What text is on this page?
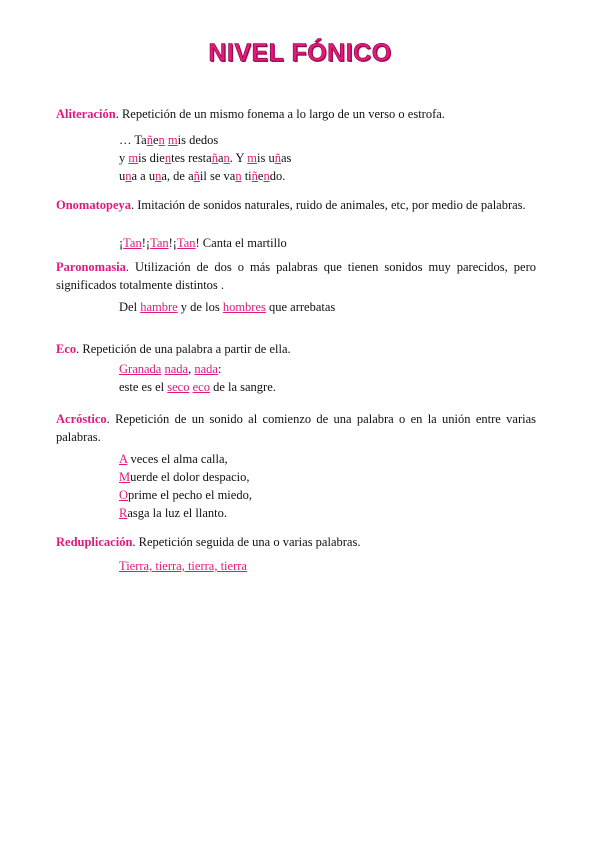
NIVEL FÓNICO
Aliteración. Repetición de un mismo fonema a lo largo de un verso o estrofa.
… Tañen mis dedos
y mis dientes restañan. Y mis uñas
una a una, de añil se van tiñendo.
Onomatopeya. Imitación de sonidos naturales, ruido de animales, etc, por medio de palabras.
¡Tan!¡Tan!¡Tan! Canta el martillo
Paronomasia. Utilización de dos o más palabras que tienen sonidos muy parecidos, pero significados totalmente distintos .
Del hambre y de los hombres que arrebatas
Eco. Repetición de una palabra a partir de ella.
Granada nada, nada:
este es el seco eco de la sangre.
Acróstico. Repetición de un sonido al comienzo de una palabra o en la unión entre varias palabras.
A veces el alma calla,
Muerde el dolor despacio,
Oprime el pecho el miedo,
Rasga la luz el llanto.
Reduplicación. Repetición seguida de una o varias palabras.
Tierra, tierra, tierra, tierra
